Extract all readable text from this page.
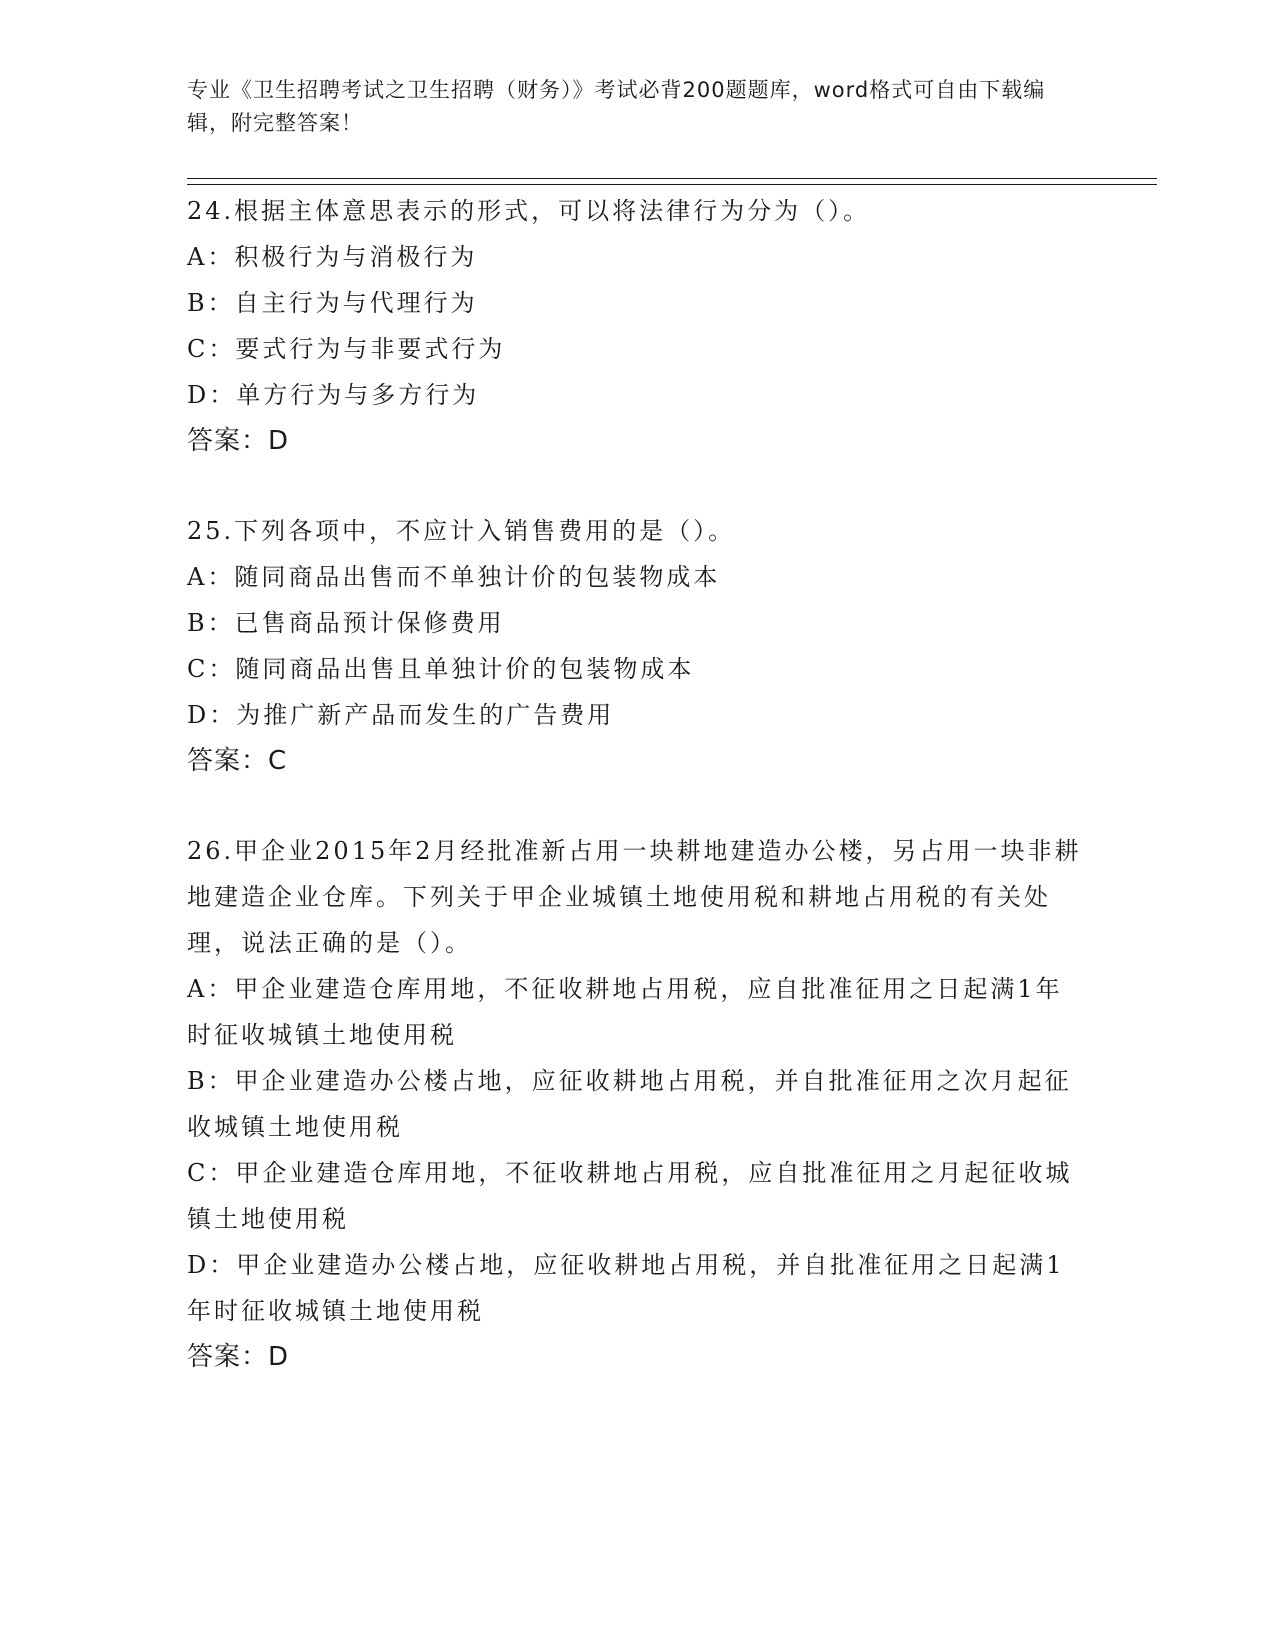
专业《卫生招聘考试之卫生招聘（财务）》考试必背200题题库，word格式可自由下载编辑，附完整答案！

24.根据主体意思表示的形式，可以将法律行为分为（）。

A：积极行为与消极行为

B：自主行为与代理行为

C：要式行为与非要式行为

D：单方行为与多方行为

答案：D

25.下列各项中，不应计入销售费用的是（）。

A：随同商品出售而不单独计价的包装物成本

B：已售商品预计保修费用

C：随同商品出售且单独计价的包装物成本

D：为推广新产品而发生的广告费用

答案：C

26.甲企业2015年2月经批准新占用一块耕地建造办公楼，另占用一块非耕地建造企业仓库。下列关于甲企业城镇土地使用税和耕地占用税的有关处理，说法正确的是（）。

A：甲企业建造仓库用地，不征收耕地占用税，应自批准征用之日起满1年时征收城镇土地使用税

B：甲企业建造办公楼占地，应征收耕地占用税，并自批准征用之次月起征收城镇土地使用税

C：甲企业建造仓库用地，不征收耕地占用税，应自批准征用之月起征收城镇土地使用税

D：甲企业建造办公楼占地，应征收耕地占用税，并自批准征用之日起满1年时征收城镇土地使用税

答案：D
